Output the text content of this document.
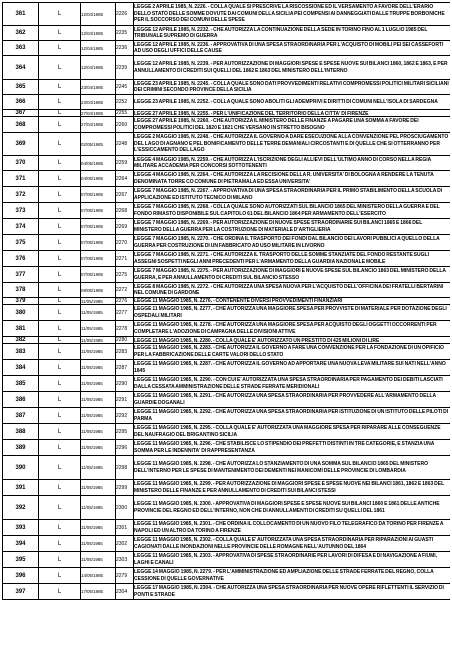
361	L	12/04/1985	2226	LEGGE 2 APRILE 1985, N. 2226. - COLLA QUALE SI PRESCRIVE LA RISCOSSIONE ED IL VERSAMENTO A FAVORE DELL'ERARIO DELLO STATO DELLE SOMME DOVUTE DAI COMUNI DELLA SICILIA PEI COMPENSI AI DANNEGGIATI DALLE TRUPPE BORBONICHE PER IL SOCCORSO DEI COMUNI DELLE SPESE

362	L	12/04/1985	2235	LEGGE 12 APRILE 1985, N. 2232. - CHE AUTORIZZA LA CONTINUAZIONE DELLA SEDE IN TORINO FINO AL 1 LUGLIO 1985 DEL TRIBUNALE SUPREMO DI GUERRA

363	L	12/04/1985	2236	LEGGE 12 APRILE 1985, N. 2236. - APPROVATIVA DI UNA SPESA STRAORDINARIA PER L'ACQUISTO DI MOBILI PEI SEI CASSEFORTI AD USO DEGLI UFFICI DELLE CAUSE

364	L	12/04/1985	2239	LEGGE 12 APRILE 1985, N. 2239. - PER AUTORIZZAZIONE DI MAGGIORI SPESE E SPESE NUOVE SUI BILANCI 1860, 1862 E 1863, E PER ANNULLAMENTO DI CREDITI SUI QUELLI DEL 1862 E 1863 DEL MINISTERO DELL'INTERNO

365	L	23/04/1985	2245	LEGGE 23 APRILE 1985, N. 2245. - COLLA QUALE SONO DATI PROVVEDIMENTI RELATIVI COMPROMESSI POLITICI MILITARI SICILIANI DEI CRIMINI SECONDO PROVINCE DELLA SICILIA

366	L	23/04/1985	2252	LEGGE 23 APRILE 1985, N. 2252. - COLLA QUALE SONO ABOLITI GLI ADEMPRIVI E DIRITTI DI COMUNI NELL'ISOLA DI SARDEGNA

367	L	27/04/1985	2255	LEGGE 27 APRILE 1985, N. 2255. - PER L'UNIFICAZIONE DEL TERRITORIO DELLA CITTA' DI FIRENZE

368	L	27/04/1985	2260	LEGGE 27 APRILE 1985, N. 2260. - CHE AUTORIZZA IL MINISTERO DELLE FINANZE A PAGARE UNA SOMMA A FAVORE DEI COMPROMESSI POLITICI DEL 1820 E 1821 CHE VERSANO IN STRETTO BISOGNO

369	L	02/05/1985	2248	LEGGE 2 MAGGIO 1985, N. 2248. - CHE AUTORIZZA IL GOVERNO A DARE ESECUZIONE ALLA CONVENZIONE PEL PROSCIUGAMENTO DEL LAGO DI AGNANO E PEL BONIFICAMENTO DELLE TERRE DEMANIALI CIRCOSTANTI E DI QUELLE CHE SI OTTERRANNO PER L'ESSICCAMENTO DEL LAGO

370	L	04/05/1985	2259	LEGGE 4 MAGGIO 1985, N. 2259. - CHE AUTORIZZA L'ISCRIZIONE DEGLI ALLIEVI DELL'ULTIMO ANNO DI CORSO NELLA REGIA MILITARE ACCADEMIA PER CONCORSI SOTTOTENENTI

371	L	04/05/1985	2264	LEGGE 4 MAGGIO 1985, N. 2264. - CHE AUTORIZZA LA RECISIONE DELLA R. UNIVERSITA' DI BOLOGNA A RENDERE LA TENUTA DENOMINATA TORRE CO COMUNE DI PIETRAMALA ED ESSA UNIVERSITA'

372	L	07/05/1985	2267	LEGGE 7 MAGGIO 1985, N. 2267. - APPROVATIVA DI UNA SPESA STRAORDINARIA PER IL PRIMO STABILIMENTO DELLA SCUOLA DI APPLICAZIONE ED ISTITUTO TECNICO DI MILANO

373	L	07/05/1985	2268	LEGGE 7 MAGGIO 1985, N. 2268. - COLLA QUALE SONO AUTORIZZATI SUL BILANCIO 1865 DEL MINISTERO DELLA GUERRA E DEL FONDO RIMASTO DISPONIBILE SUL CAPITOLO 61 DEL BILANCIO 1864 PER ARMAMENTO DELL'ESERCITO

374	L	07/05/1985	2269	LEGGE 7 MAGGIO 1985, N. 2269. - PER AUTORIZZAZIONE DI NUOVE SPESE STRAORDINARIE SUI BILANCI 1865 E 1866 DEL MINISTERO DELLA GUERRA PER LA COSTRUZIONE DI MATERIALE D'ARTIGLIERIA

375	L	07/05/1985	2270	LEGGE 7 MAGGIO 1985, N. 2270. - CHE ORDINA IL TRASPORTO DEI FONDI DAL BILANCIO DEI LAVORI PUBBLICI A QUELLO DELLA GUERRA PER COSTRUZIONE DI UN FABBRICATO AD USO MILITARE IN LIVORNO

376	L	07/05/1985	2271	LEGGE 7 MAGGIO 1985, N. 2271. - CHE AUTORIZZA IL TRASPORTO DELLE SOMME STANZIATE DEL FONDO RESTANTE SUGLI ASSEGNI SOSPETTI NEGLI ANNI PRECEDENTI PER L'ARMAMENTO DELLA GUARDIA NAZIONALE MOBILE

377	L	07/05/1985	2275	LEGGE 7 MAGGIO 1985, N. 2275. - PER AUTORIZZAZIONE DI MAGGIORI E NUOVE SPESE SUL BILANCIO 1863 DEL MINISTERO DELLA GUERRA, E PER ANNULLAMENTO DI CREDITI SUL BILANCIO STESSO

378	L	08/05/1985	2272	LEGGE 8 MAGGIO 1985, N. 2272. - CHE AUTORIZZA UNA SPESA NUOVA PER L'ACQUISTO DELL'OFFICINA DEI FRATELLI BERTARINI NEL COMUNE DI GARDONE

379	L	11/05/1985	2276	LEGGE 11 MAGGIO 1985, N. 2276. - CONTENENTE DIVERSI PROVVEDIMENTI FINANZIARI

380	L	11/05/1985	2277	LEGGE 11 MAGGIO 1985, N. 2277. - CHE AUTORIZZA UNA MAGGIORE SPESA PER PROVVISTE DI MATERIALE PER DOTAZIONE DEGLI OSPEDALI MILITARI

381	L	11/05/1985	2278	LEGGE 11 MAGGIO 1985, N. 2278. - CHE AUTORIZZA UNA MAGGIORE SPESA PER ACQUISTO DEGLI OGGETTI OCCORRENTI PER COMPLETARE L'ADOZIONE DI CAMPAGNA DELLE DIVISIONI ATTIVE

382	L	11/05/1985	2280	LEGGE 11 MAGGIO 1985, N. 2280. - COLLA QUALE E' AUTORIZZATO UN PRESTITO DI 425 MILIONI DI LIRE

383	L	11/05/1985	2283	LEGGE 11 MAGGIO 1985, N. 2283. - CHE AUTORIZZA IL GOVERNO A FARE UNA CONVENZIONE PER LA FONDAZIONE DI UN OPIFICIO PER LA FABBRICAZIONE DELLE CARTE VALORI DELLO STATO

384	L	11/05/1985	2287	LEGGE 11 MAGGIO 1985, N. 2287. - CHE AUTORIZZA IL GOVERNO AD APPORTARE UNA NUOVA LEVA MILITARE SUI NATI NELL'ANNO 1845

385	L	11/05/1985	2290	LEGGE 11 MAGGIO 1985, N. 2290. - CON CUI E' AUTORIZZATA UNA SPESA STRAORDINARIA PER PAGAMENTO DEI DEBITI LASCIATI DALLA CESSATA AMMINISTRAZIONE DELLE STRADE FERRATE MERIDIONALI

386	L	11/05/1985	2291	LEGGE 11 MAGGIO 1985, N. 2291. - CHE AUTORIZZA UNA SPESA STRAORDINARIA PER PROVVEDERE ALL'ARMAMENTO DELLA GUARDIE DOGANALI

387	L	11/05/1985	2292	LEGGE 11 MAGGIO 1985, N. 2292. - CHE AUTORIZZA UNA SPESA STRAORDINARIA PER ISTITUZIONE DI UN ISTITUTO DELLE PILOTI DI PARMA

388	L	11/05/1985	2295	LEGGE 11 MAGGIO 1985, N. 2295. - COLLA QUALE E' AUTORIZZATA UNA MAGGIORE SPESA PER RIPARARE ALLE CONSEGUENZE DEL NAUFRAGIO DEL BRIGANTINO SICILIA

389	L	11/05/1985	2296	LEGGE 11 MAGGIO 1985, N. 2296. - CHE STABILISCE LO STIPENDIO DEI PREFETTI DISTINTI IN TRE CATEGORIE, E STANZIA UNA SOMMA PER LE INDENNITA' DI RAPPRESENTANZA

390	L	11/05/1985	2298	LEGGE 11 MAGGIO 1985, N. 2298. - CHE AUTORIZZA LO STANZIAMENTO DI UNA SOMMA SUL BILANCIO 1865 DEL MINISTERO DELL'INTERNO PER LE SPESE DI MANTENIMENTO DEI DEMENTI NEI MANICOMI DELLE PROVINCIE DI LOMBARDIA

391	L	11/05/1985	2299	LEGGE 11 MAGGIO 1985, N. 2299. - PER AUTORIZZAZIONE DI MAGGIORI SPESE E SPESE NUOVE NEI BILANCI 1861, 1862 E 1863 DEL MINISTERO DELLE FINANZE E PER ANNULLAMENTO DI CREDITI SUI BILANCI STESSI

392	L	11/05/1985	2300	LEGGE 11 MAGGIO 1985, N. 2300. - APPROVATIVA DI MAGGIORI SPESE E SPESE NUOVE SUI BILANCI 1860 E 1861 DELLE ANTICHE PROVINCIE DEL REGNO ED DELL'INTERNO, NON CHE DI ANNULLAMENTI DI CREDITI SU QUELLI DEL 1861

393	L	11/05/1985	2301	LEGGE 11 MAGGIO 1985, N. 2301. - CHE ORDINA IL COLLOCAMENTO DI UN NUOVO FILO TELEGRAFICO DA TORINO PER FIRENZE A NAPOLI ED UN ALTRO DA TORINO A FIRENZE

394	L	11/05/1985	2302	LEGGE 11 MAGGIO 1985, N. 2302. - COLLA QUALE E' AUTORIZZATA UNA SPESA STRAORDINARIA PER RIPARAZIONI AI GUASTI CAGIONATI DALLE INONDAZIONI NELLE PROVINCIE DELLE ROMAGNE NELL'AUTUNNO DEL 1864

395	L	11/05/1985	2303	LEGGE 11 MAGGIO 1985, N. 2303. - APPROVATIVA DI SPESE STRAORDINARIE PER LAVORI DI DIFESA E DI NAVIGAZIONE A FIUMI, LAGHI E CANALI

396	L	14/05/1985	2279	LEGGE 14 MAGGIO 1985, N. 2279. - PER L'AMMINISTRAZIONE ED AMPLIAZIONE DELLE STRADE FERRATE DEL REGNO, COLLA CESSIONE DI QUELLE GOVERNATIVE

397	L	17/05/1985	2304	LEGGE 17 MAGGIO 1985, N. 2304. - CHE AUTORIZZA UNA SPESA STRAORDINARIA PER NUOVE OPERE RIFLETTENTI IL SERVIZIO DI PONTI E STRADE
